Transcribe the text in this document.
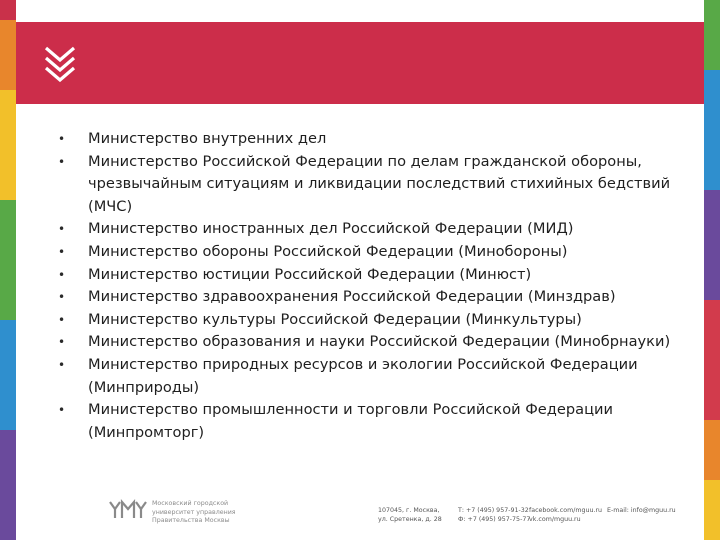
• Министерство внутренних дел
• Министерство Российской Федерации по делам гражданской обороны, чрезвычайным ситуациям и ликвидации последствий стихийных бедствий (МЧС)
• Министерство иностранных дел Российской Федерации (МИД)
• Министерство обороны Российской Федерации (Минобороны)
• Министерство юстиции Российской Федерации (Минюст)
• Министерство здравоохранения Российской Федерации (Минздрав)
• Министерство культуры Российской Федерации (Минкультуры)
• Министерство образования и науки Российской Федерации (Минобрнауки)
• Министерство природных ресурсов и экологии Российской Федерации (Минприроды)
• Министерство промышленности и торговли Российской Федерации (Минпромторг)
Московский городской
университет управления
Правительства Москвы
107045, г. Москва,
ул. Сретенка, д. 28
Т: +7 (495) 957-91-32
Ф: +7 (495) 957-75-77
facebook.com/mguu.ru
vk.com/mguu.ru
E-mail: info@mguu.ru
